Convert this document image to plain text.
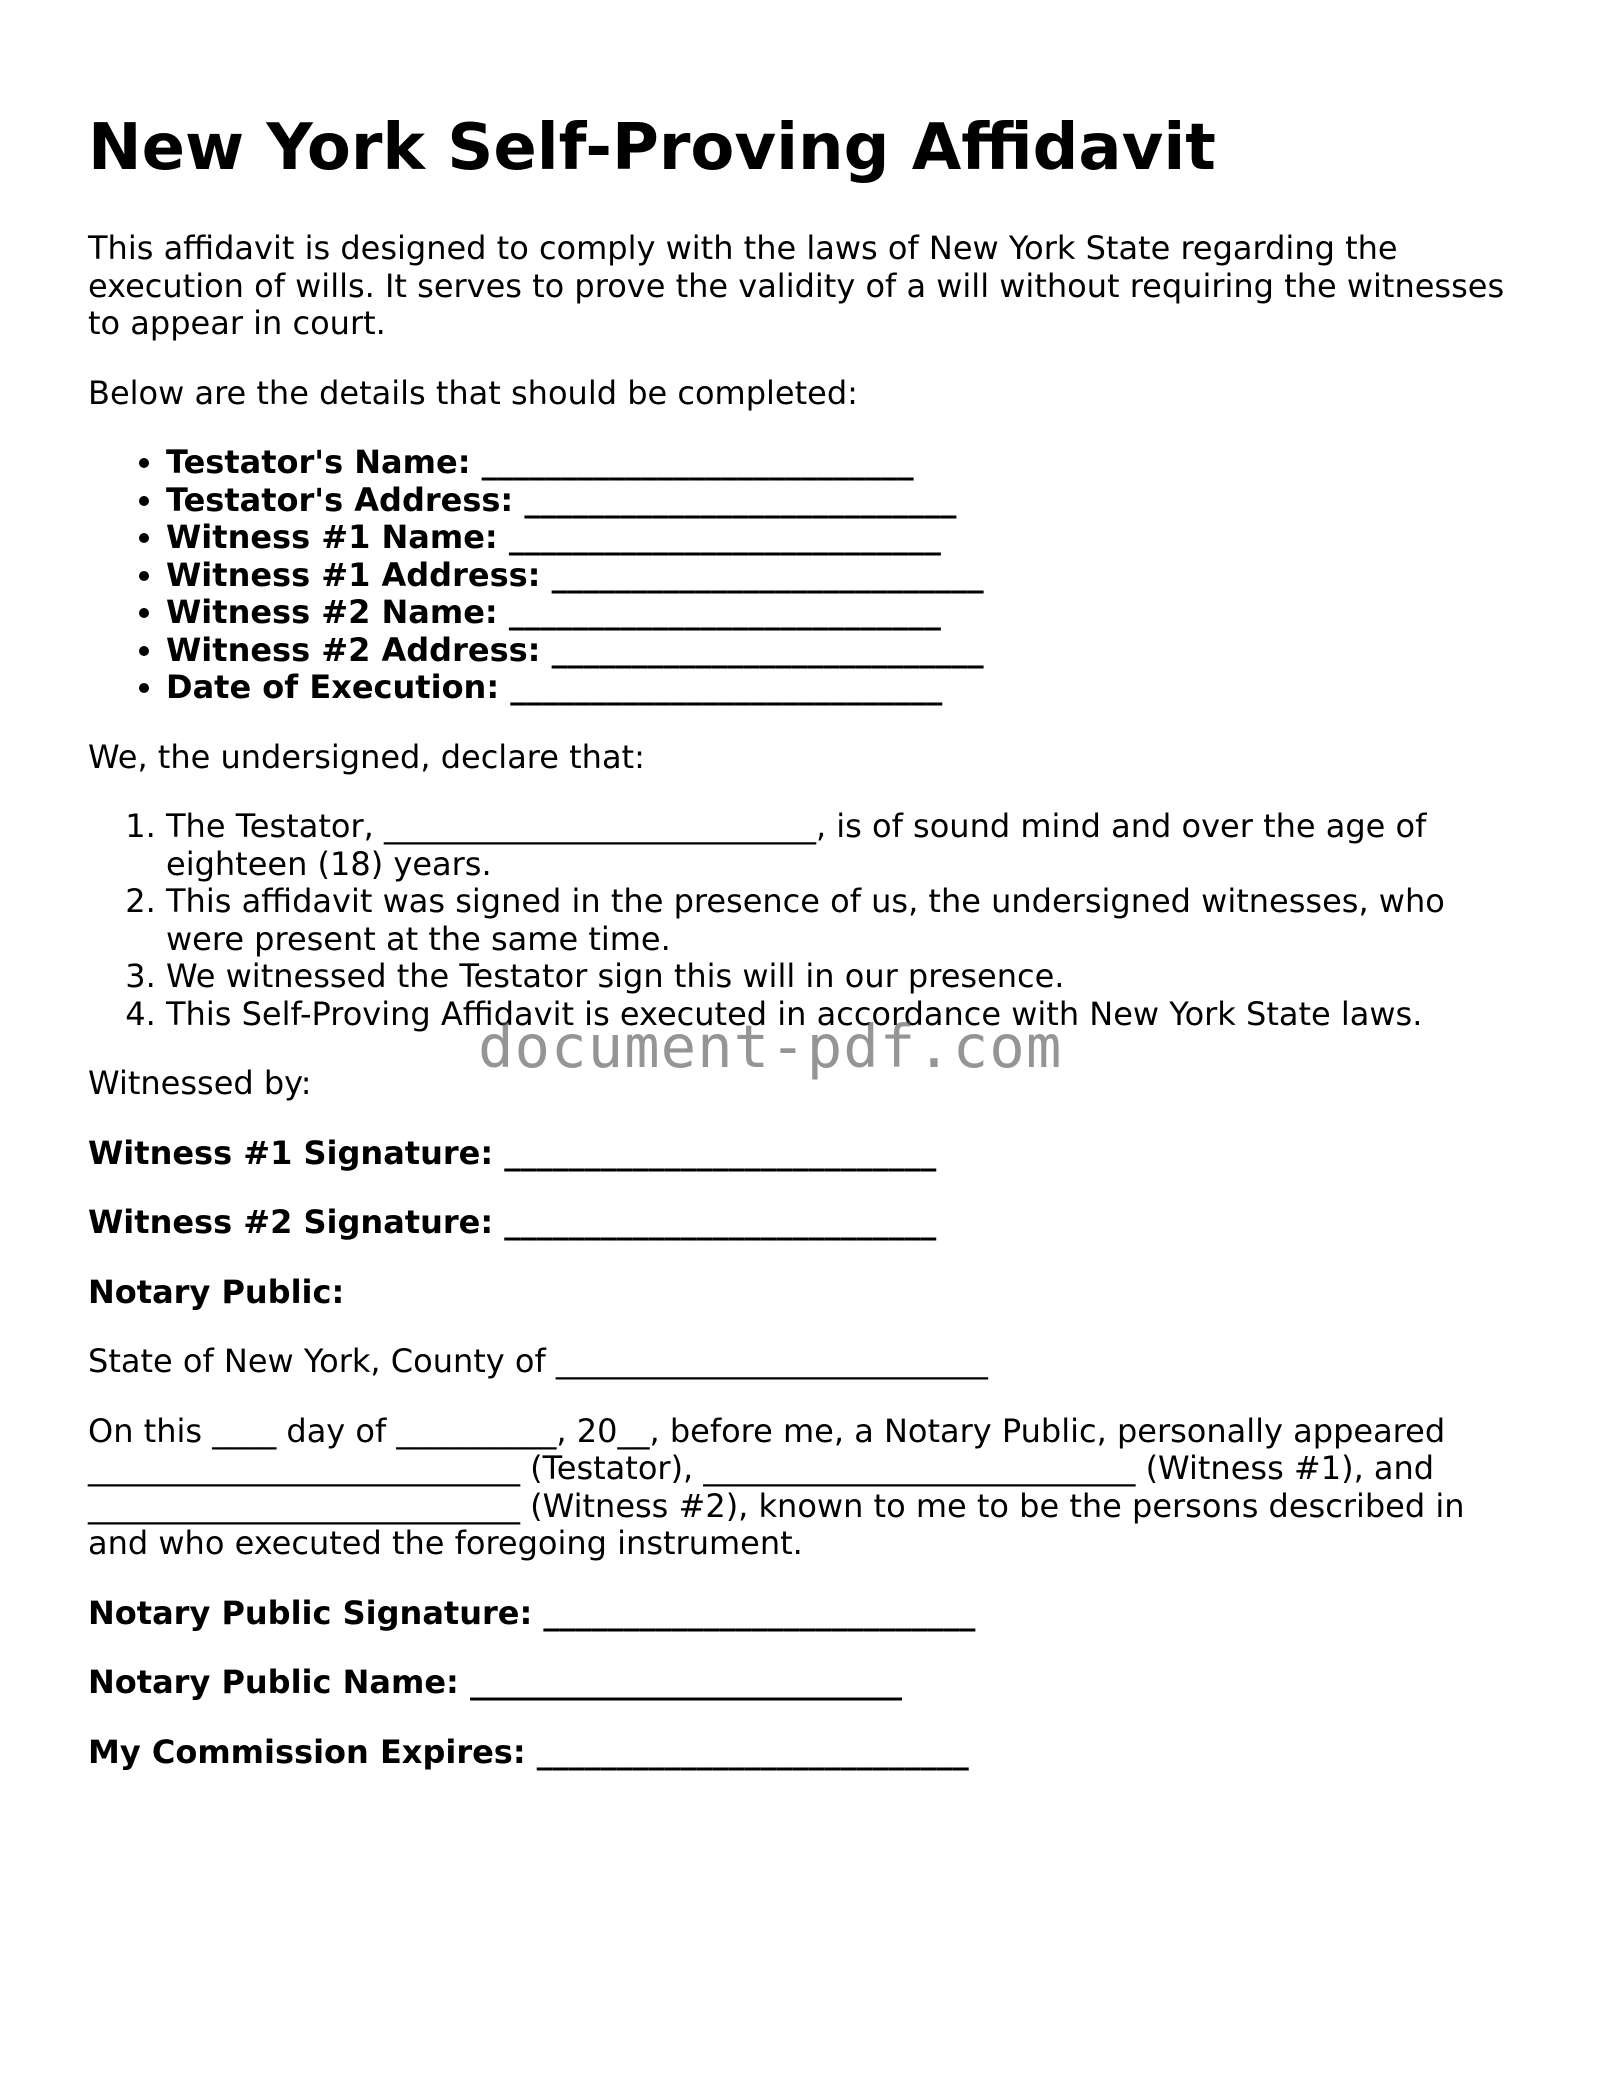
New York Self-Proving Affidavit

This affidavit is designed to comply with the laws of New York State regarding the execution of wills. It serves to prove the validity of a will without requiring the witnesses to appear in court.

Below are the details that should be completed:

• Testator's Name: ___________________________
• Testator's Address: ___________________________
• Witness #1 Name: ___________________________
• Witness #1 Address: ___________________________
• Witness #2 Name: ___________________________
• Witness #2 Address: ___________________________
• Date of Execution: ___________________________

We, the undersigned, declare that:

1. The Testator, ___________________________, is of sound mind and over the age of eighteen (18) years.
2. This affidavit was signed in the presence of us, the undersigned witnesses, who were present at the same time.
3. We witnessed the Testator sign this will in our presence.
4. This Self-Proving Affidavit is executed in accordance with New York State laws.

Witnessed by:

Witness #1 Signature: ___________________________

Witness #2 Signature: ___________________________

Notary Public:

State of New York, County of ___________________________

On this ____ day of __________, 20__, before me, a Notary Public, personally appeared ___________________________ (Testator), ___________________________ (Witness #1), and ___________________________ (Witness #2), known to me to be the persons described in and who executed the foregoing instrument.

Notary Public Signature: ___________________________

Notary Public Name: ___________________________

My Commission Expires: ___________________________

document-pdf.com
